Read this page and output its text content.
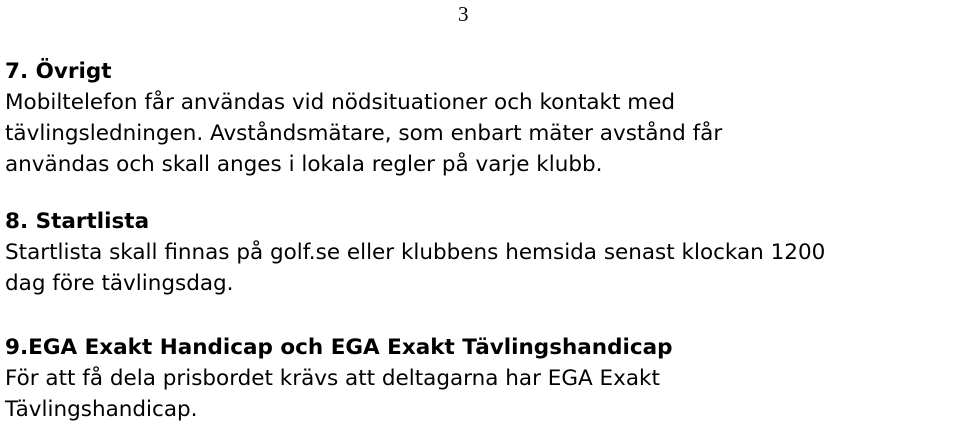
3
7. Övrigt
Mobiltelefon får användas vid nödsituationer och kontakt med
tävlingsledningen. Avståndsmätare, som enbart mäter avstånd får
användas och skall anges i lokala regler på varje klubb.
8. Startlista
Startlista skall finnas på golf.se eller klubbens hemsida senast klockan 1200
dag före tävlingsdag.
9.EGA Exakt Handicap och EGA Exakt Tävlingshandicap
För att få dela prisbordet krävs att deltagarna har EGA Exakt
Tävlingshandicap.
